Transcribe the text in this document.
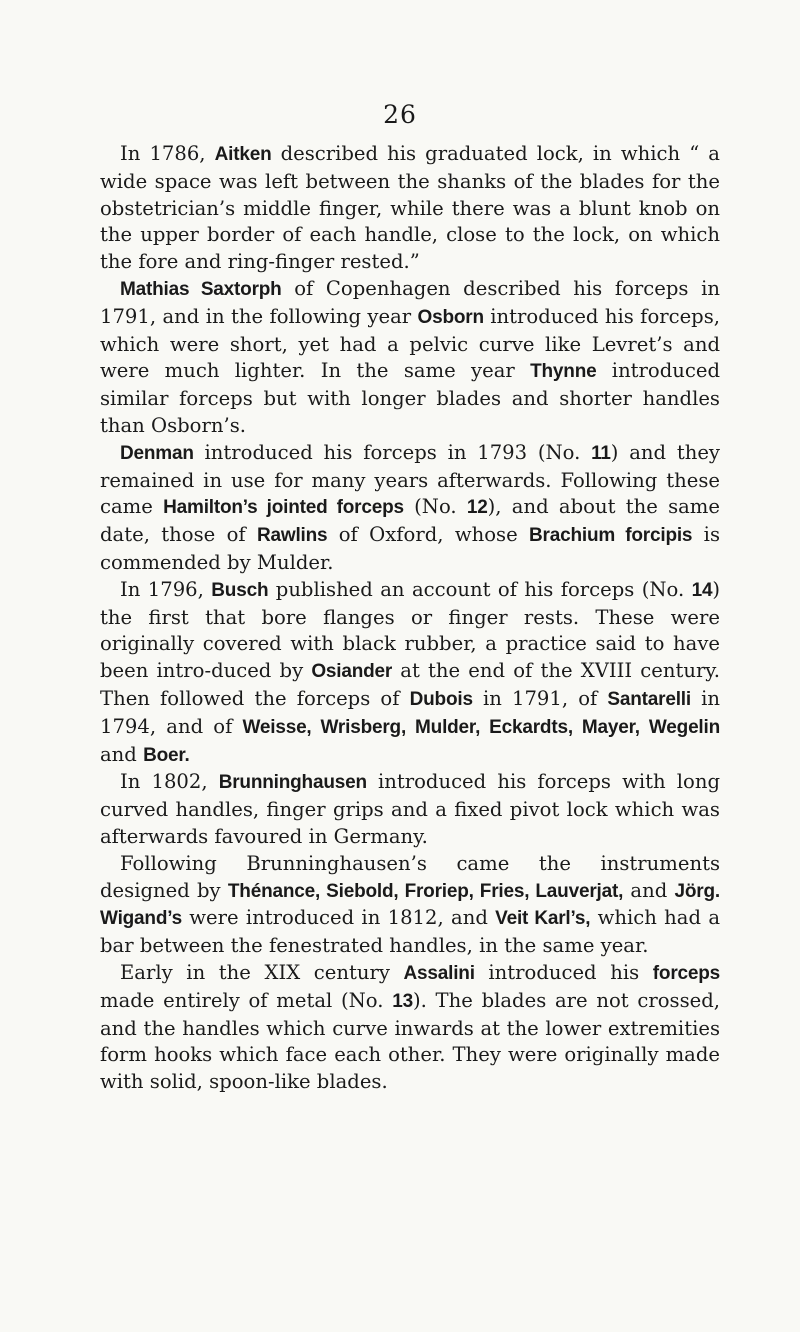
26

In 1786, Aitken described his graduated lock, in which “ a wide space was left between the shanks of the blades for the obstetrician’s middle finger, while there was a blunt knob on the upper border of each handle, close to the lock, on which the fore and ring-finger rested.”

Mathias Saxtorph of Copenhagen described his forceps in 1791, and in the following year Osborn introduced his forceps, which were short, yet had a pelvic curve like Levret’s and were much lighter. In the same year Thynne introduced similar forceps but with longer blades and shorter handles than Osborn’s.

Denman introduced his forceps in 1793 (No. 11) and they remained in use for many years afterwards. Following these came Hamilton’s jointed forceps (No. 12), and about the same date, those of Rawlins of Oxford, whose Brachium forcipis is commended by Mulder.

In 1796, Busch published an account of his forceps (No. 14) the first that bore flanges or finger rests. These were originally covered with black rubber, a practice said to have been intro-duced by Osiander at the end of the XVIII century. Then followed the forceps of Dubois in 1791, of Santarelli in 1794, and of Weisse, Wrisberg, Mulder, Eckardts, Mayer, Wegelin and Boer.

In 1802, Brunninghausen introduced his forceps with long curved handles, finger grips and a fixed pivot lock which was afterwards favoured in Germany.

Following Brunninghausen’s came the instruments designed by Thénance, Siebold, Froriep, Fries, Lauverjat, and Jörg. Wigand’s were introduced in 1812, and Veit Karl’s, which had a bar between the fenestrated handles, in the same year.

Early in the XIX century Assalini introduced his forceps made entirely of metal (No. 13). The blades are not crossed, and the handles which curve inwards at the lower extremities form hooks which face each other. They were originally made with solid, spoon-like blades.
